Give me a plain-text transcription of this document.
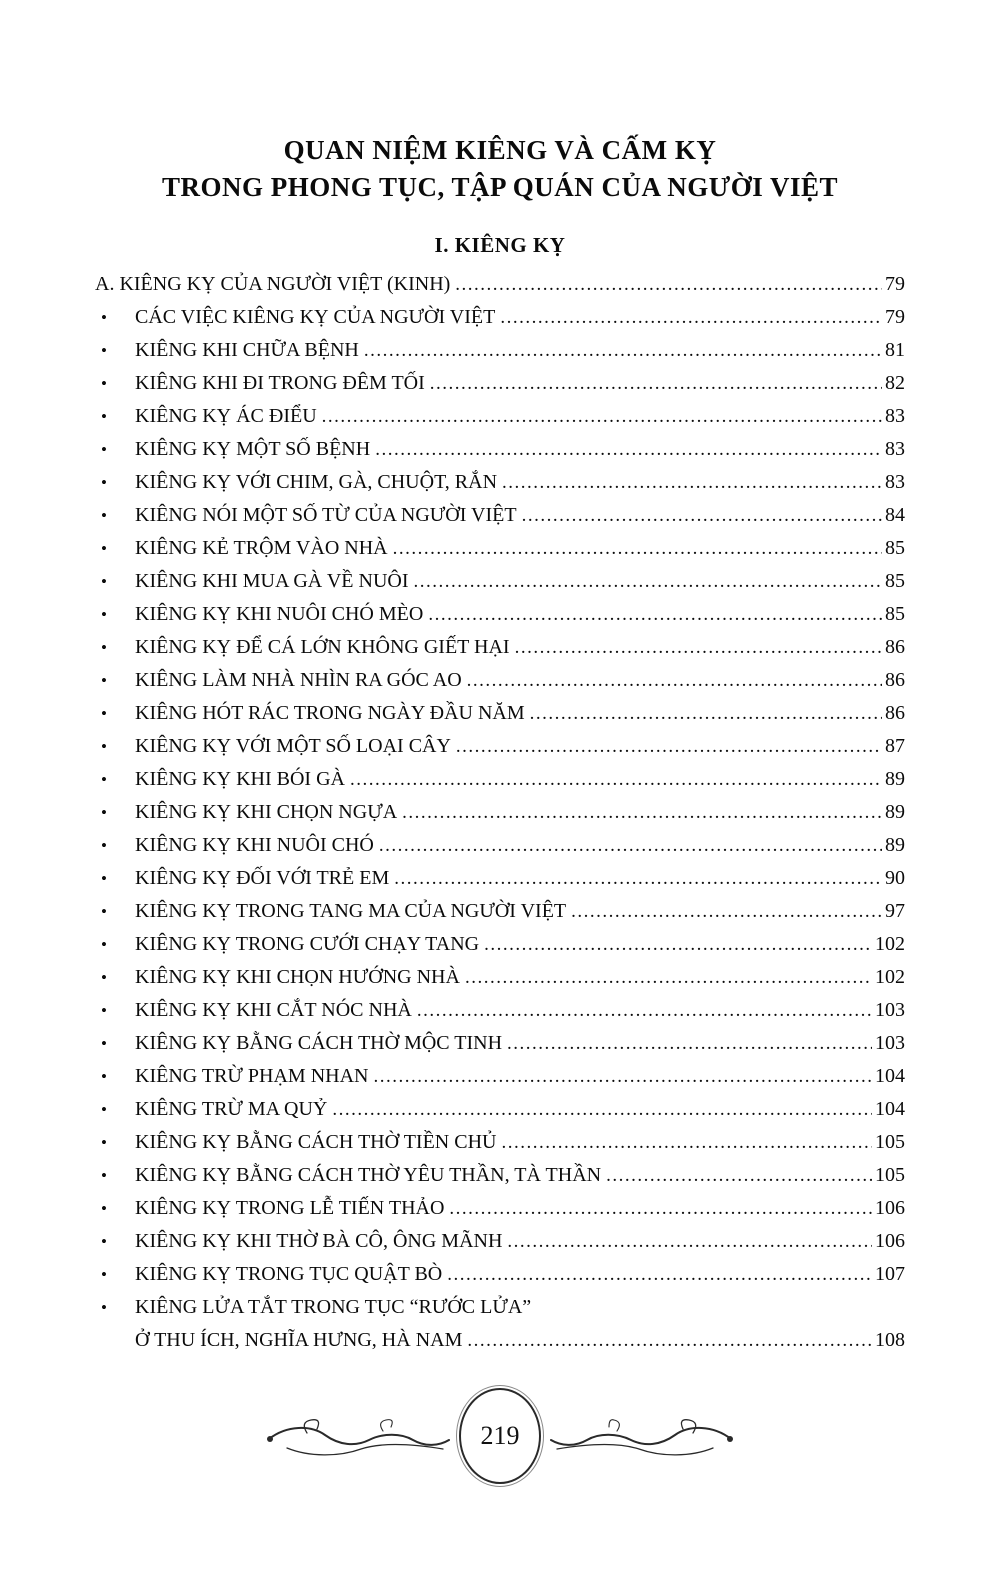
QUAN NIỆM KIÊNG VÀ CẤM KỴ
TRONG PHONG TỤC, TẬP QUÁN CỦA NGƯỜI VIỆT
I. KIÊNG KỴ
A. KIÊNG KỴ CỦA NGƯỜI VIỆT (KINH) .....	79
•	CÁC VIỆC KIÊNG KỴ CỦA NGƯỜI VIỆT .....	79
•	KIÊNG KHI CHỮA BỆNH .....	81
•	KIÊNG KHI ĐI TRONG ĐÊM TỐI .....	82
•	KIÊNG KỴ ÁC ĐIỂU .....	83
•	KIÊNG KỴ MỘT SỐ BỆNH .....	83
•	KIÊNG KỴ VỚI CHIM, GÀ, CHUỘT, RẮN .....	83
•	KIÊNG NÓI MỘT SỐ TỪ CỦA NGƯỜI VIỆT .....	84
•	KIÊNG KẺ TRỘM VÀO NHÀ .....	85
•	KIÊNG KHI MUA GÀ VỀ NUÔI .....	85
•	KIÊNG KỴ KHI NUÔI CHÓ MÈO .....	85
•	KIÊNG KỴ ĐỂ CÁ LỚN KHÔNG GIẾT HẠI .....	86
•	KIÊNG LÀM NHÀ NHÌN RA GÓC AO .....	86
•	KIÊNG HÓT RÁC TRONG NGÀY ĐẦU NĂM .....	86
•	KIÊNG KỴ VỚI MỘT SỐ LOẠI CÂY .....	87
•	KIÊNG KỴ KHI BÓI GÀ .....	89
•	KIÊNG KỴ KHI CHỌN NGỰA .....	89
•	KIÊNG KỴ KHI NUÔI CHÓ .....	89
•	KIÊNG KỴ ĐỐI VỚI TRẺ EM .....	90
•	KIÊNG KỴ TRONG TANG MA CỦA NGƯỜI VIỆT .....	97
•	KIÊNG KỴ TRONG CƯỚI CHẠY TANG .....	102
•	KIÊNG KỴ KHI CHỌN HƯỚNG NHÀ .....	102
•	KIÊNG KỴ KHI CẮT NÓC NHÀ .....	103
•	KIÊNG KỴ BẰNG CÁCH THỜ MỘC TINH .....	103
•	KIÊNG TRỪ PHẠM NHAN .....	104
•	KIÊNG TRỪ MA QUỶ .....	104
•	KIÊNG KỴ BẰNG CÁCH THỜ TIỀN CHỦ .....	105
•	KIÊNG KỴ BẰNG CÁCH THỜ YÊU THẦN, TÀ THẦN .....	105
•	KIÊNG KỴ TRONG LỄ TIẾN THẢO .....	106
•	KIÊNG KỴ KHI THỜ BÀ CÔ, ÔNG MÃNH .....	106
•	KIÊNG KỴ TRONG TỤC QUẬT BÒ .....	107
•	KIÊNG LỬA TẮT TRONG TỤC “RƯỚC LỬA”
Ở THU ÍCH, NGHĨA HƯNG, HÀ NAM .....	108
219
